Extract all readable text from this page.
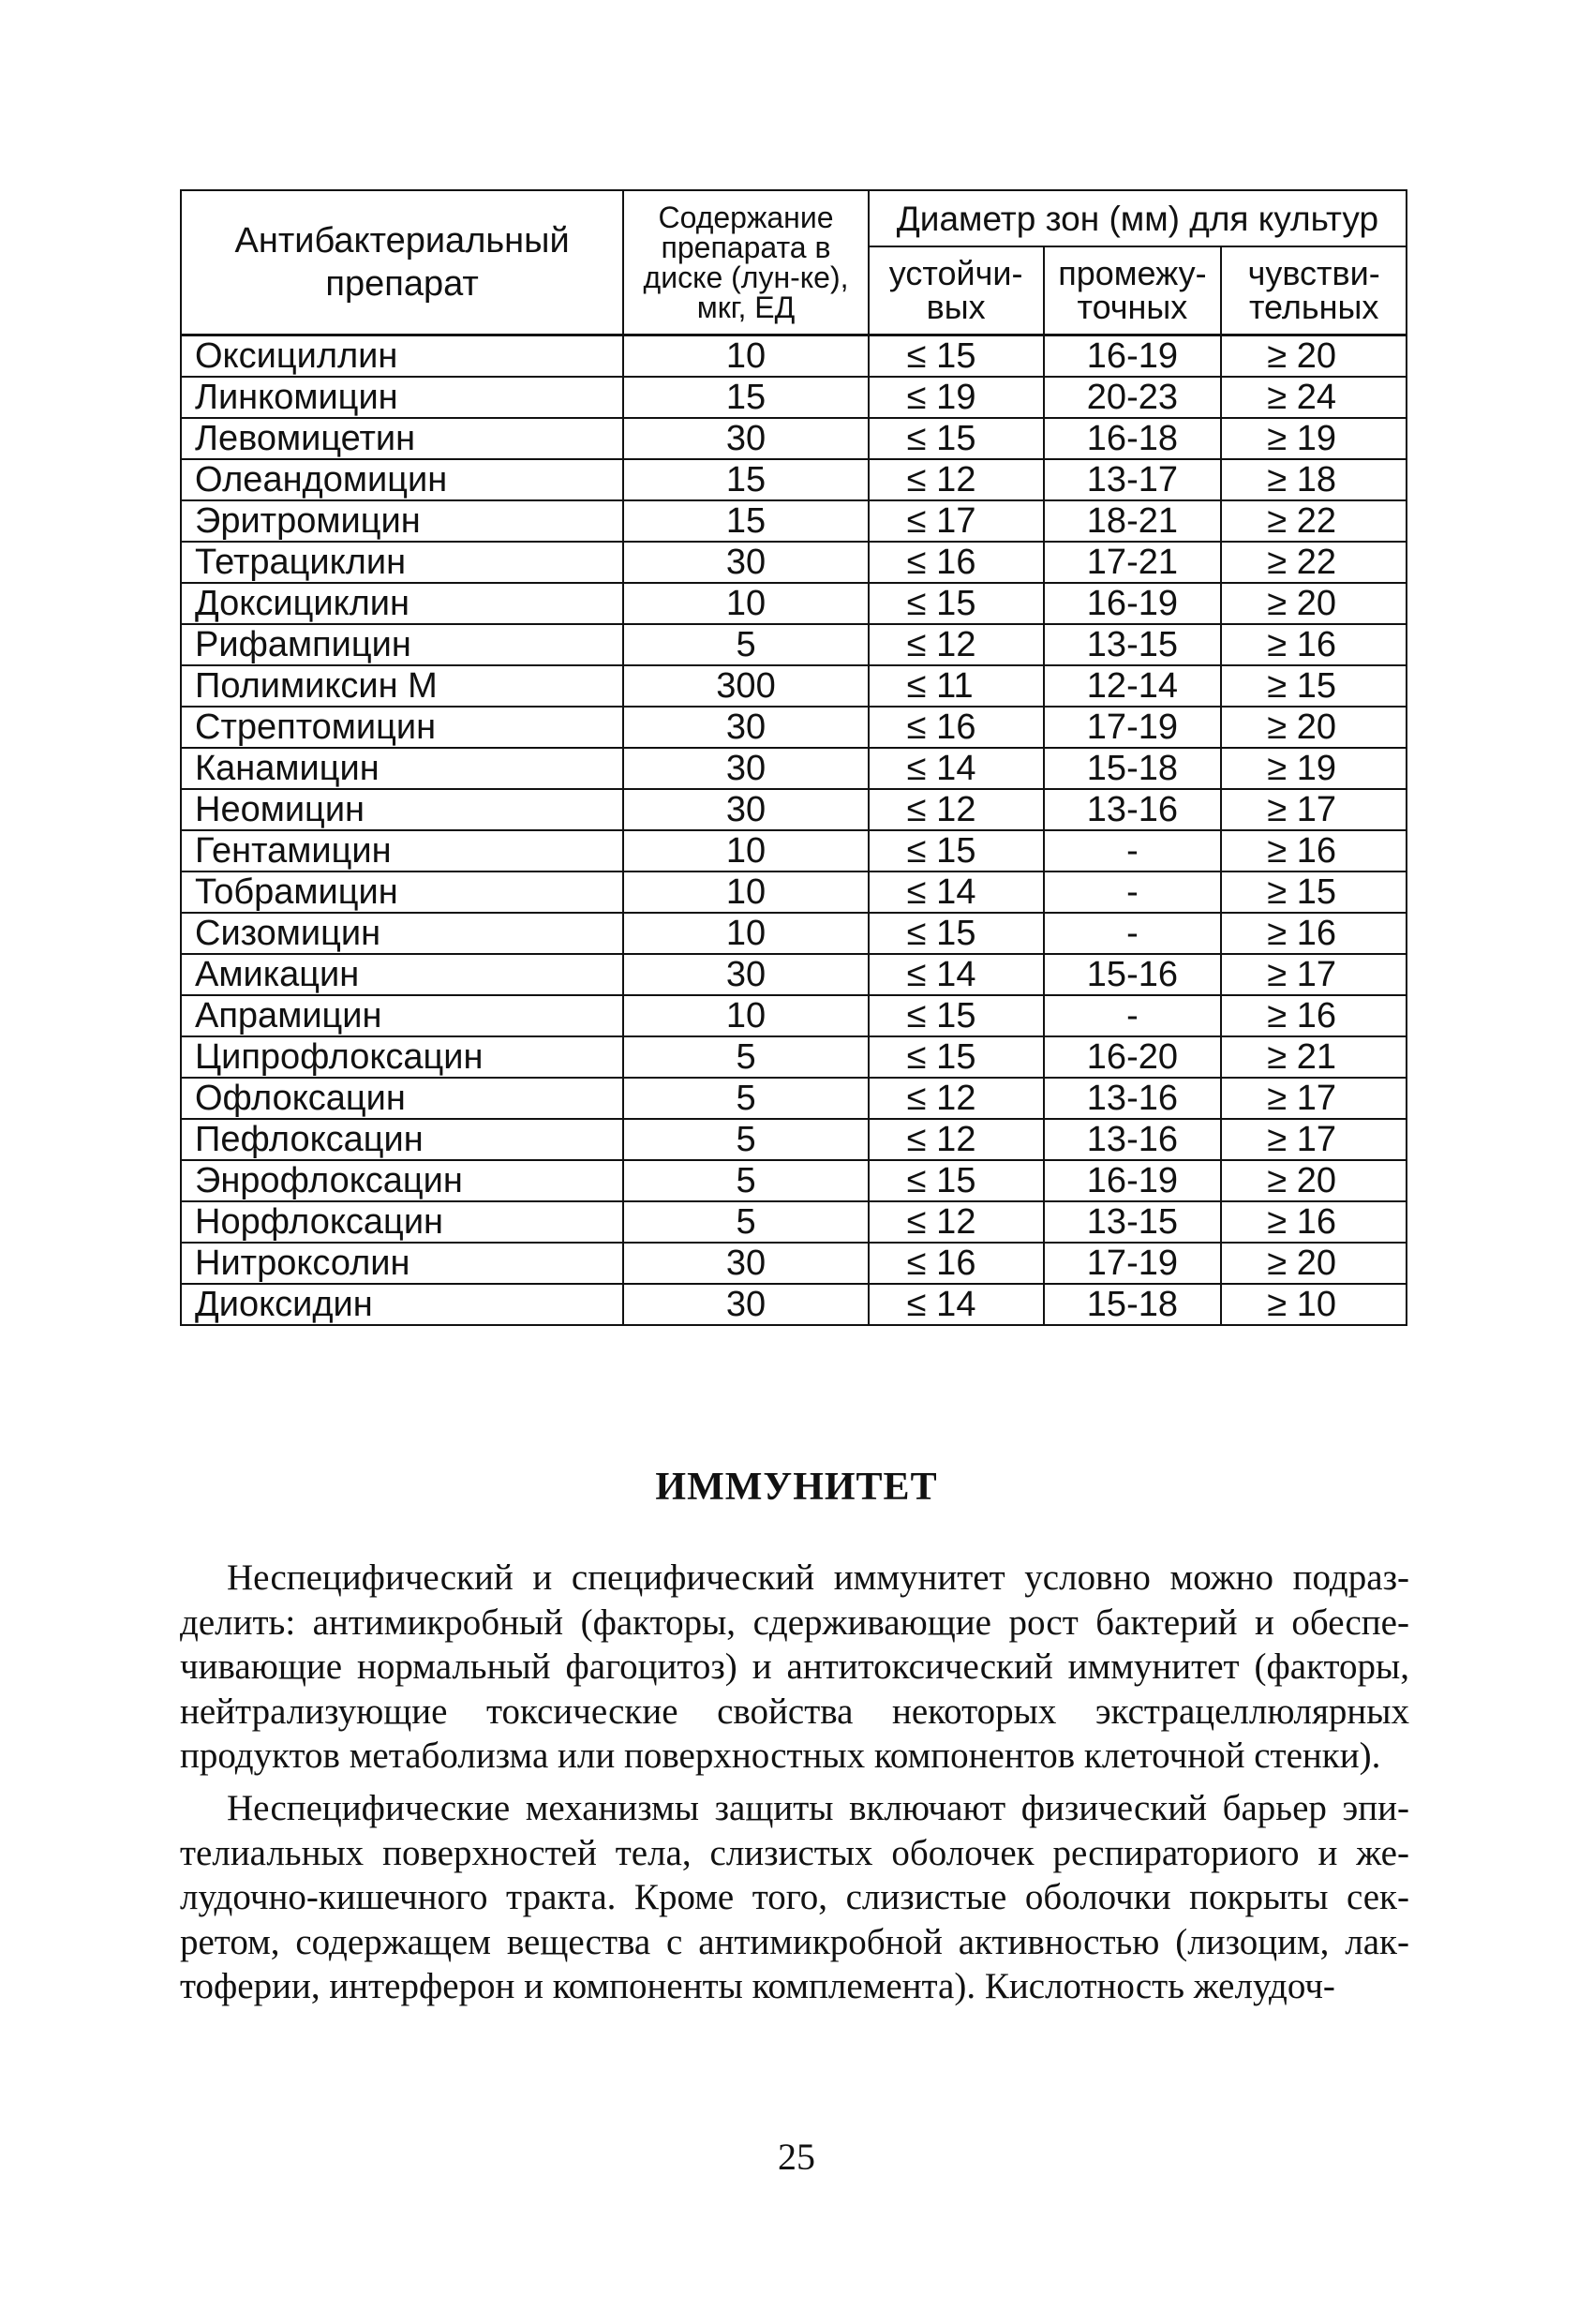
Антибактериальный препарат	Содержание препарата в диске (лун-ке), мкг, ЕД	Диаметр зон (мм) для культур		
		устойчи-вых	промежу-точных	чувстви-тельных
Оксициллин	10	≤ 15	16-19	≥ 20
Линкомицин	15	≤ 19	20-23	≥ 24
Левомицетин	30	≤ 15	16-18	≥ 19
Олеандомицин	15	≤ 12	13-17	≥ 18
Эритромицин	15	≤ 17	18-21	≥ 22
Тетрациклин	30	≤ 16	17-21	≥ 22
Доксициклин	10	≤ 15	16-19	≥ 20
Рифампицин	5	≤ 12	13-15	≥ 16
Полимиксин М	300	≤ 11	12-14	≥ 15
Стрептомицин	30	≤ 16	17-19	≥ 20
Канамицин	30	≤ 14	15-18	≥ 19
Неомицин	30	≤ 12	13-16	≥ 17
Гентамицин	10	≤ 15	-	≥ 16
Тобрамицин	10	≤ 14	-	≥ 15
Сизомицин	10	≤ 15	-	≥ 16
Амикацин	30	≤ 14	15-16	≥ 17
Апрамицин	10	≤ 15	-	≥ 16
Ципрофлоксацин	5	≤ 15	16-20	≥ 21
Офлоксацин	5	≤ 12	13-16	≥ 17
Пефлоксацин	5	≤ 12	13-16	≥ 17
Энрофлоксацин	5	≤ 15	16-19	≥ 20
Норфлоксацин	5	≤ 12	13-15	≥ 16
Нитроксолин	30	≤ 16	17-19	≥ 20
Диоксидин	30	≤ 14	15-18	≥ 10
ИММУНИТЕТ

Неспецифический и специфический иммунитет условно можно подразделить: антимикробный (факторы, сдерживающие рост бактерий и обеспечивающие нормальный фагоцитоз) и антитоксический иммунитет (факторы, нейтрализующие токсические свойства некоторых экстрацеллюлярных продуктов метаболизма или поверхностных компонентов клеточной стенки).

Неспецифические механизмы защиты включают физический барьер эпителиальных поверхностей тела, слизистых оболочек респираториого и желудочно-кишечного тракта. Кроме того, слизистые оболочки покрыты секретом, содержащем вещества с антимикробной активностью (лизоцим, лактоферии, интерферон и компоненты комплемента). Кислотность желудоч-

25
